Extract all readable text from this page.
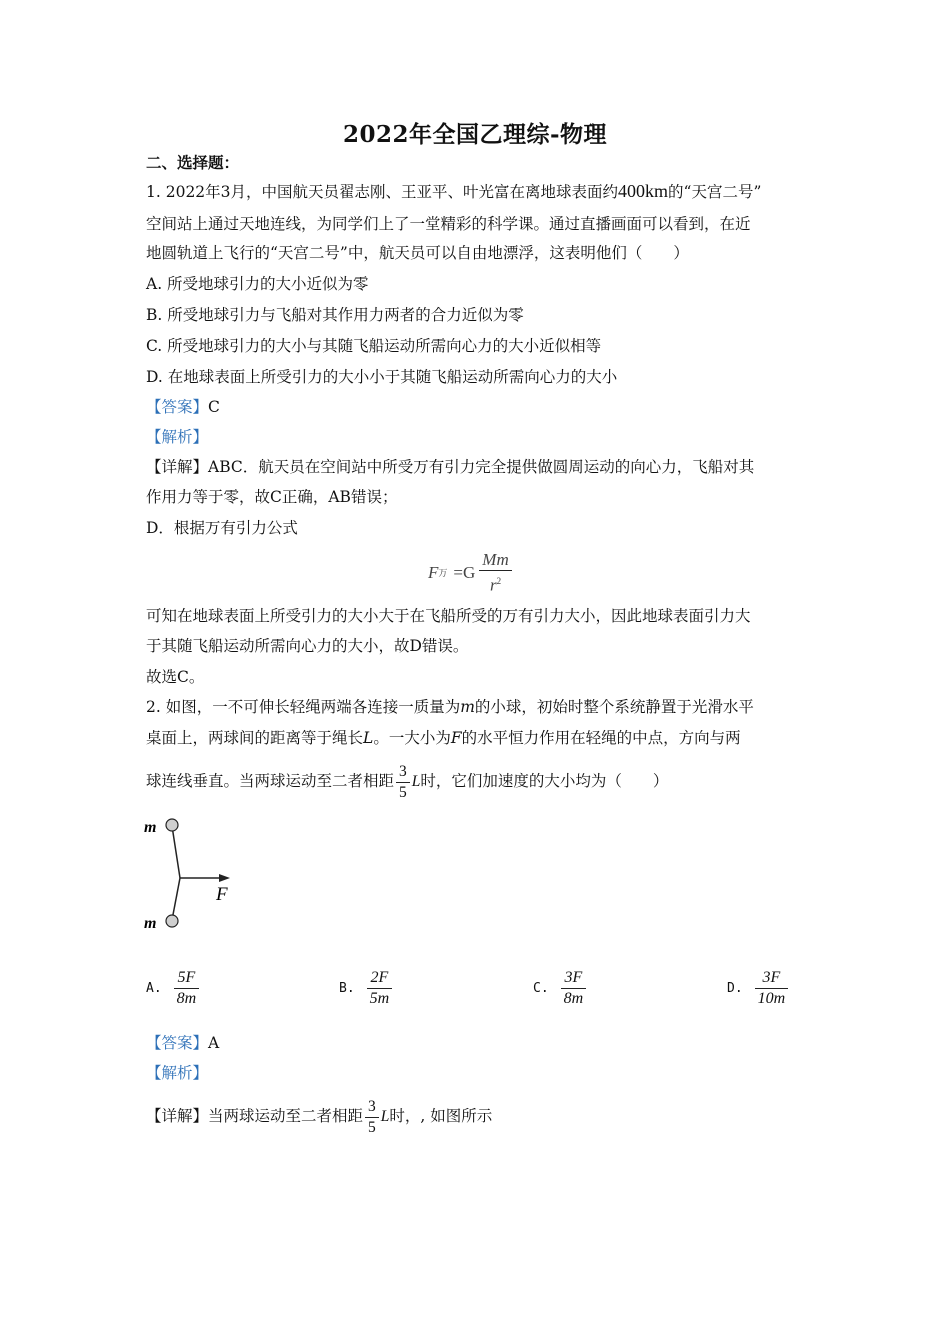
2022年全国乙理综-物理
二、选择题：
1. 2022年3月，中国航天员翟志刚、王亚平、叶光富在离地球表面约400km的“天宫二号”
空间站上通过天地连线，为同学们上了一堂精彩的科学课。通过直播画面可以看到，在近
地圆轨道上飞行的“天宫二号”中，航天员可以自由地漂浮，这表明他们（　　）
A. 所受地球引力的大小近似为零
B. 所受地球引力与飞船对其作用力两者的合力近似为零
C. 所受地球引力的大小与其随飞船运动所需向心力的大小近似相等
D. 在地球表面上所受引力的大小小于其随飞船运动所需向心力的大小
【答案】C
【解析】
【详解】ABC．航天员在空间站中所受万有引力完全提供做圆周运动的向心力，飞船对其
作用力等于零，故C正确，AB错误；
D．根据万有引力公式
F 万 $=G \frac{Mm}{r^2}$
可知在地球表面上所受引力的大小大于在飞船所受的万有引力大小，因此地球表面引力大
于其随飞船运动所需向心力的大小，故D错误。
故选C。
2. 如图，一不可伸长轻绳两端各连接一质量为m的小球，初始时整个系统静置于光滑水平
桌面上，两球间的距离等于绳长L。一大小为F的水平恒力作用在轻绳的中点，方向与两
球连线垂直。当两球运动至二者相距 $\frac{3}{5}$ L时，它们加速度的大小均为（　　）
m
m
F
A. $\frac{5F}{8m}$	B. $\frac{2F}{5m}$	C. $\frac{3F}{8m}$	D. $\frac{3F}{10m}$
【答案】A
【解析】
【详解】当两球运动至二者相距 $\frac{3}{5}$ L时，, 如图所示
